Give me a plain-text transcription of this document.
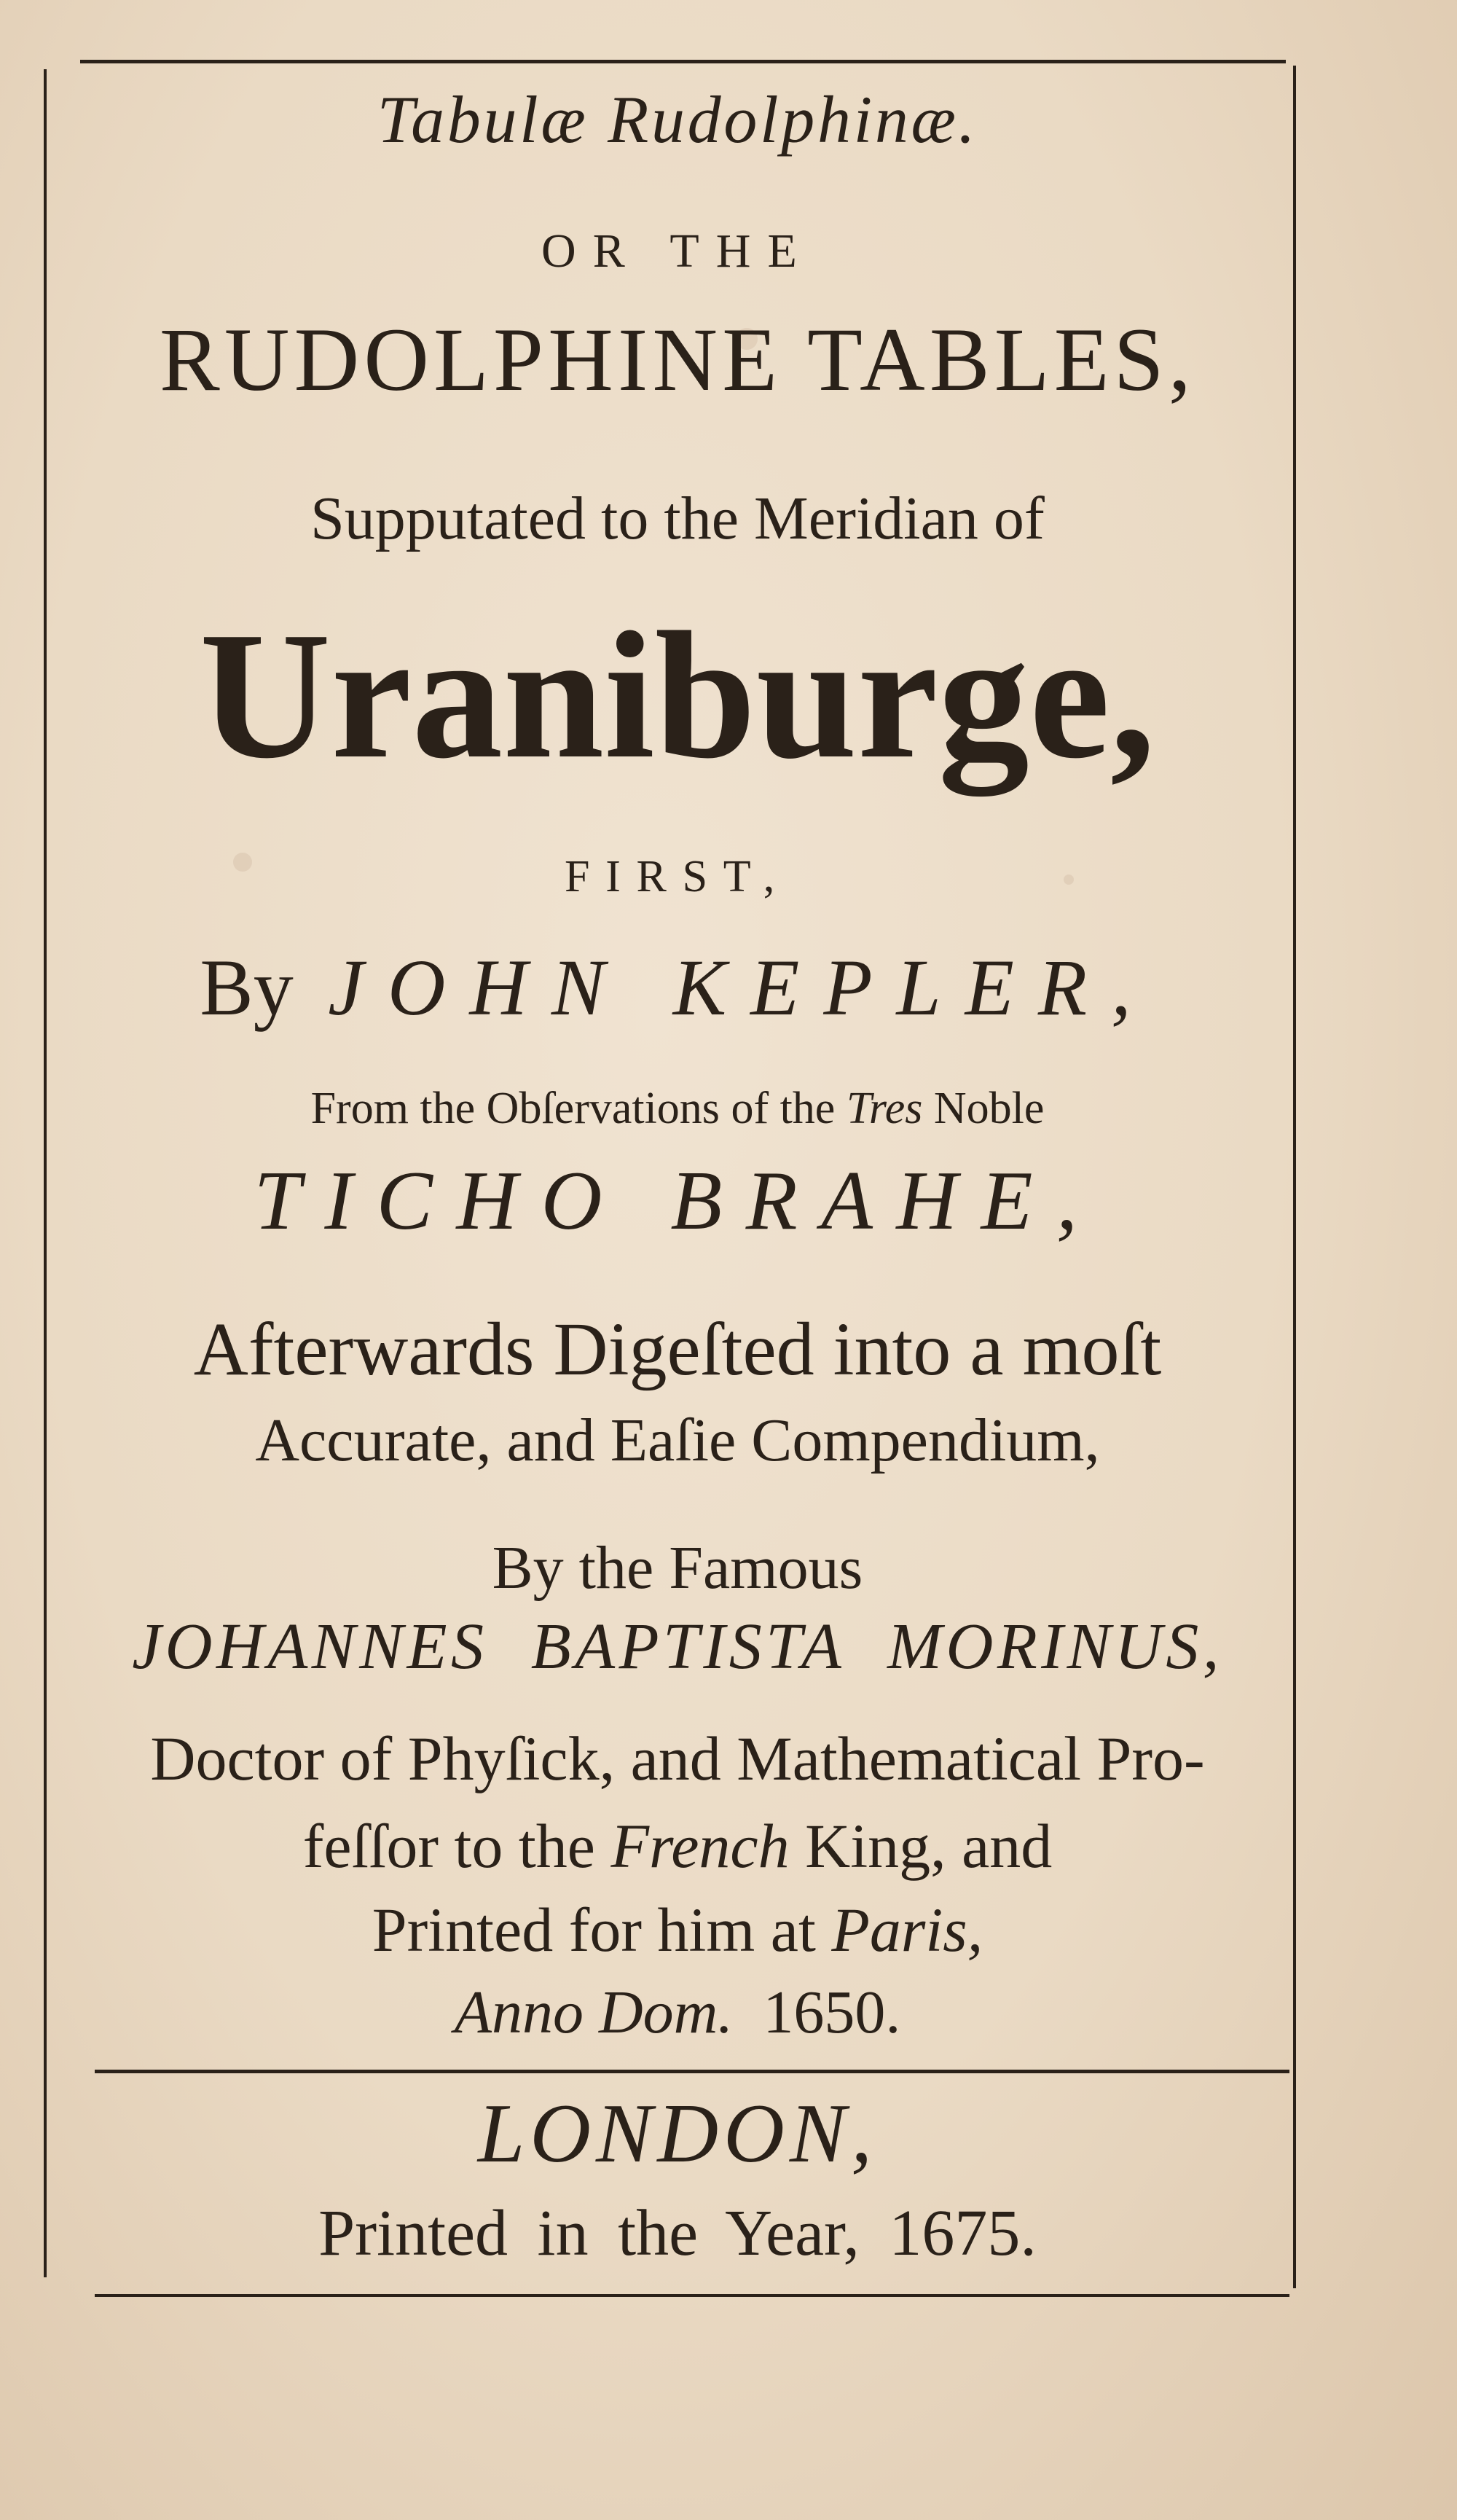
Tabulæ Rudolphinæ.
OR THE
RUDOLPHINE TABLES,
Supputated to the Meridian of
Uraniburge,
FIRST,
By JOHN KEPLER,
From the Obſervations of the Tres Noble
TICHO BRAHE,
Afterwards Digeſted into a moſt
Accurate, and Eaſie Compendium,
By the Famous
JOHANNES BAPTISTA MORINUS,
Doctor of Phyſick, and Mathematical Pro-
feſſor to the French King, and
Printed for him at Paris,
Anno Dom. 1650.
LONDON,
Printed in the Year, 1675.
